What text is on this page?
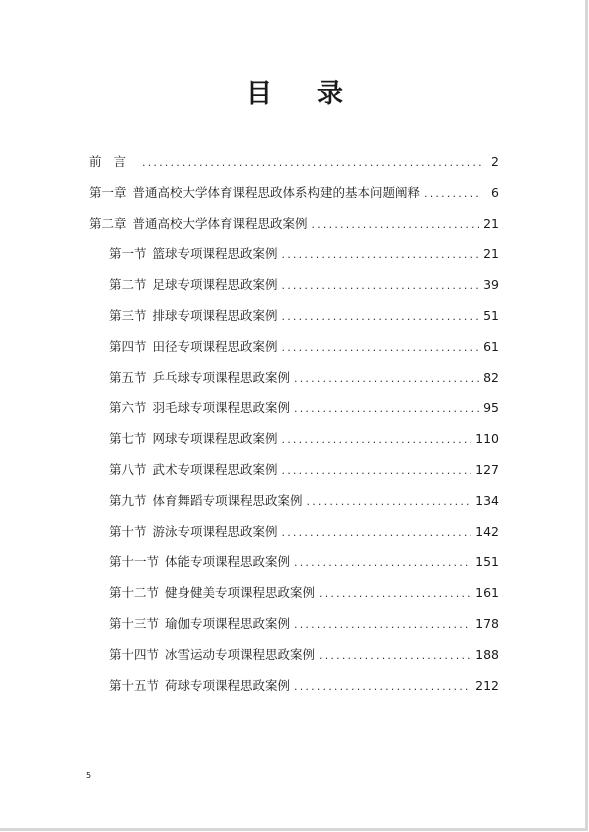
目 录
前言 .....	2
第一章 普通高校大学体育课程思政体系构建的基本问题阐释 .....	6
第二章 普通高校大学体育课程思政案例 .....	21
第一节 篮球专项课程思政案例 .....	21
第二节 足球专项课程思政案例 .....	39
第三节 排球专项课程思政案例 .....	51
第四节 田径专项课程思政案例 .....	61
第五节 乒乓球专项课程思政案例 .....	82
第六节 羽毛球专项课程思政案例 .....	95
第七节 网球专项课程思政案例 .....	110
第八节 武术专项课程思政案例 .....	127
第九节 体育舞蹈专项课程思政案例 .....	134
第十节 游泳专项课程思政案例 .....	142
第十一节 体能专项课程思政案例 .....	151
第十二节 健身健美专项课程思政案例 .....	161
第十三节 瑜伽专项课程思政案例 .....	178
第十四节 冰雪运动专项课程思政案例 .....	188
第十五节 荷球专项课程思政案例 .....	212
5
